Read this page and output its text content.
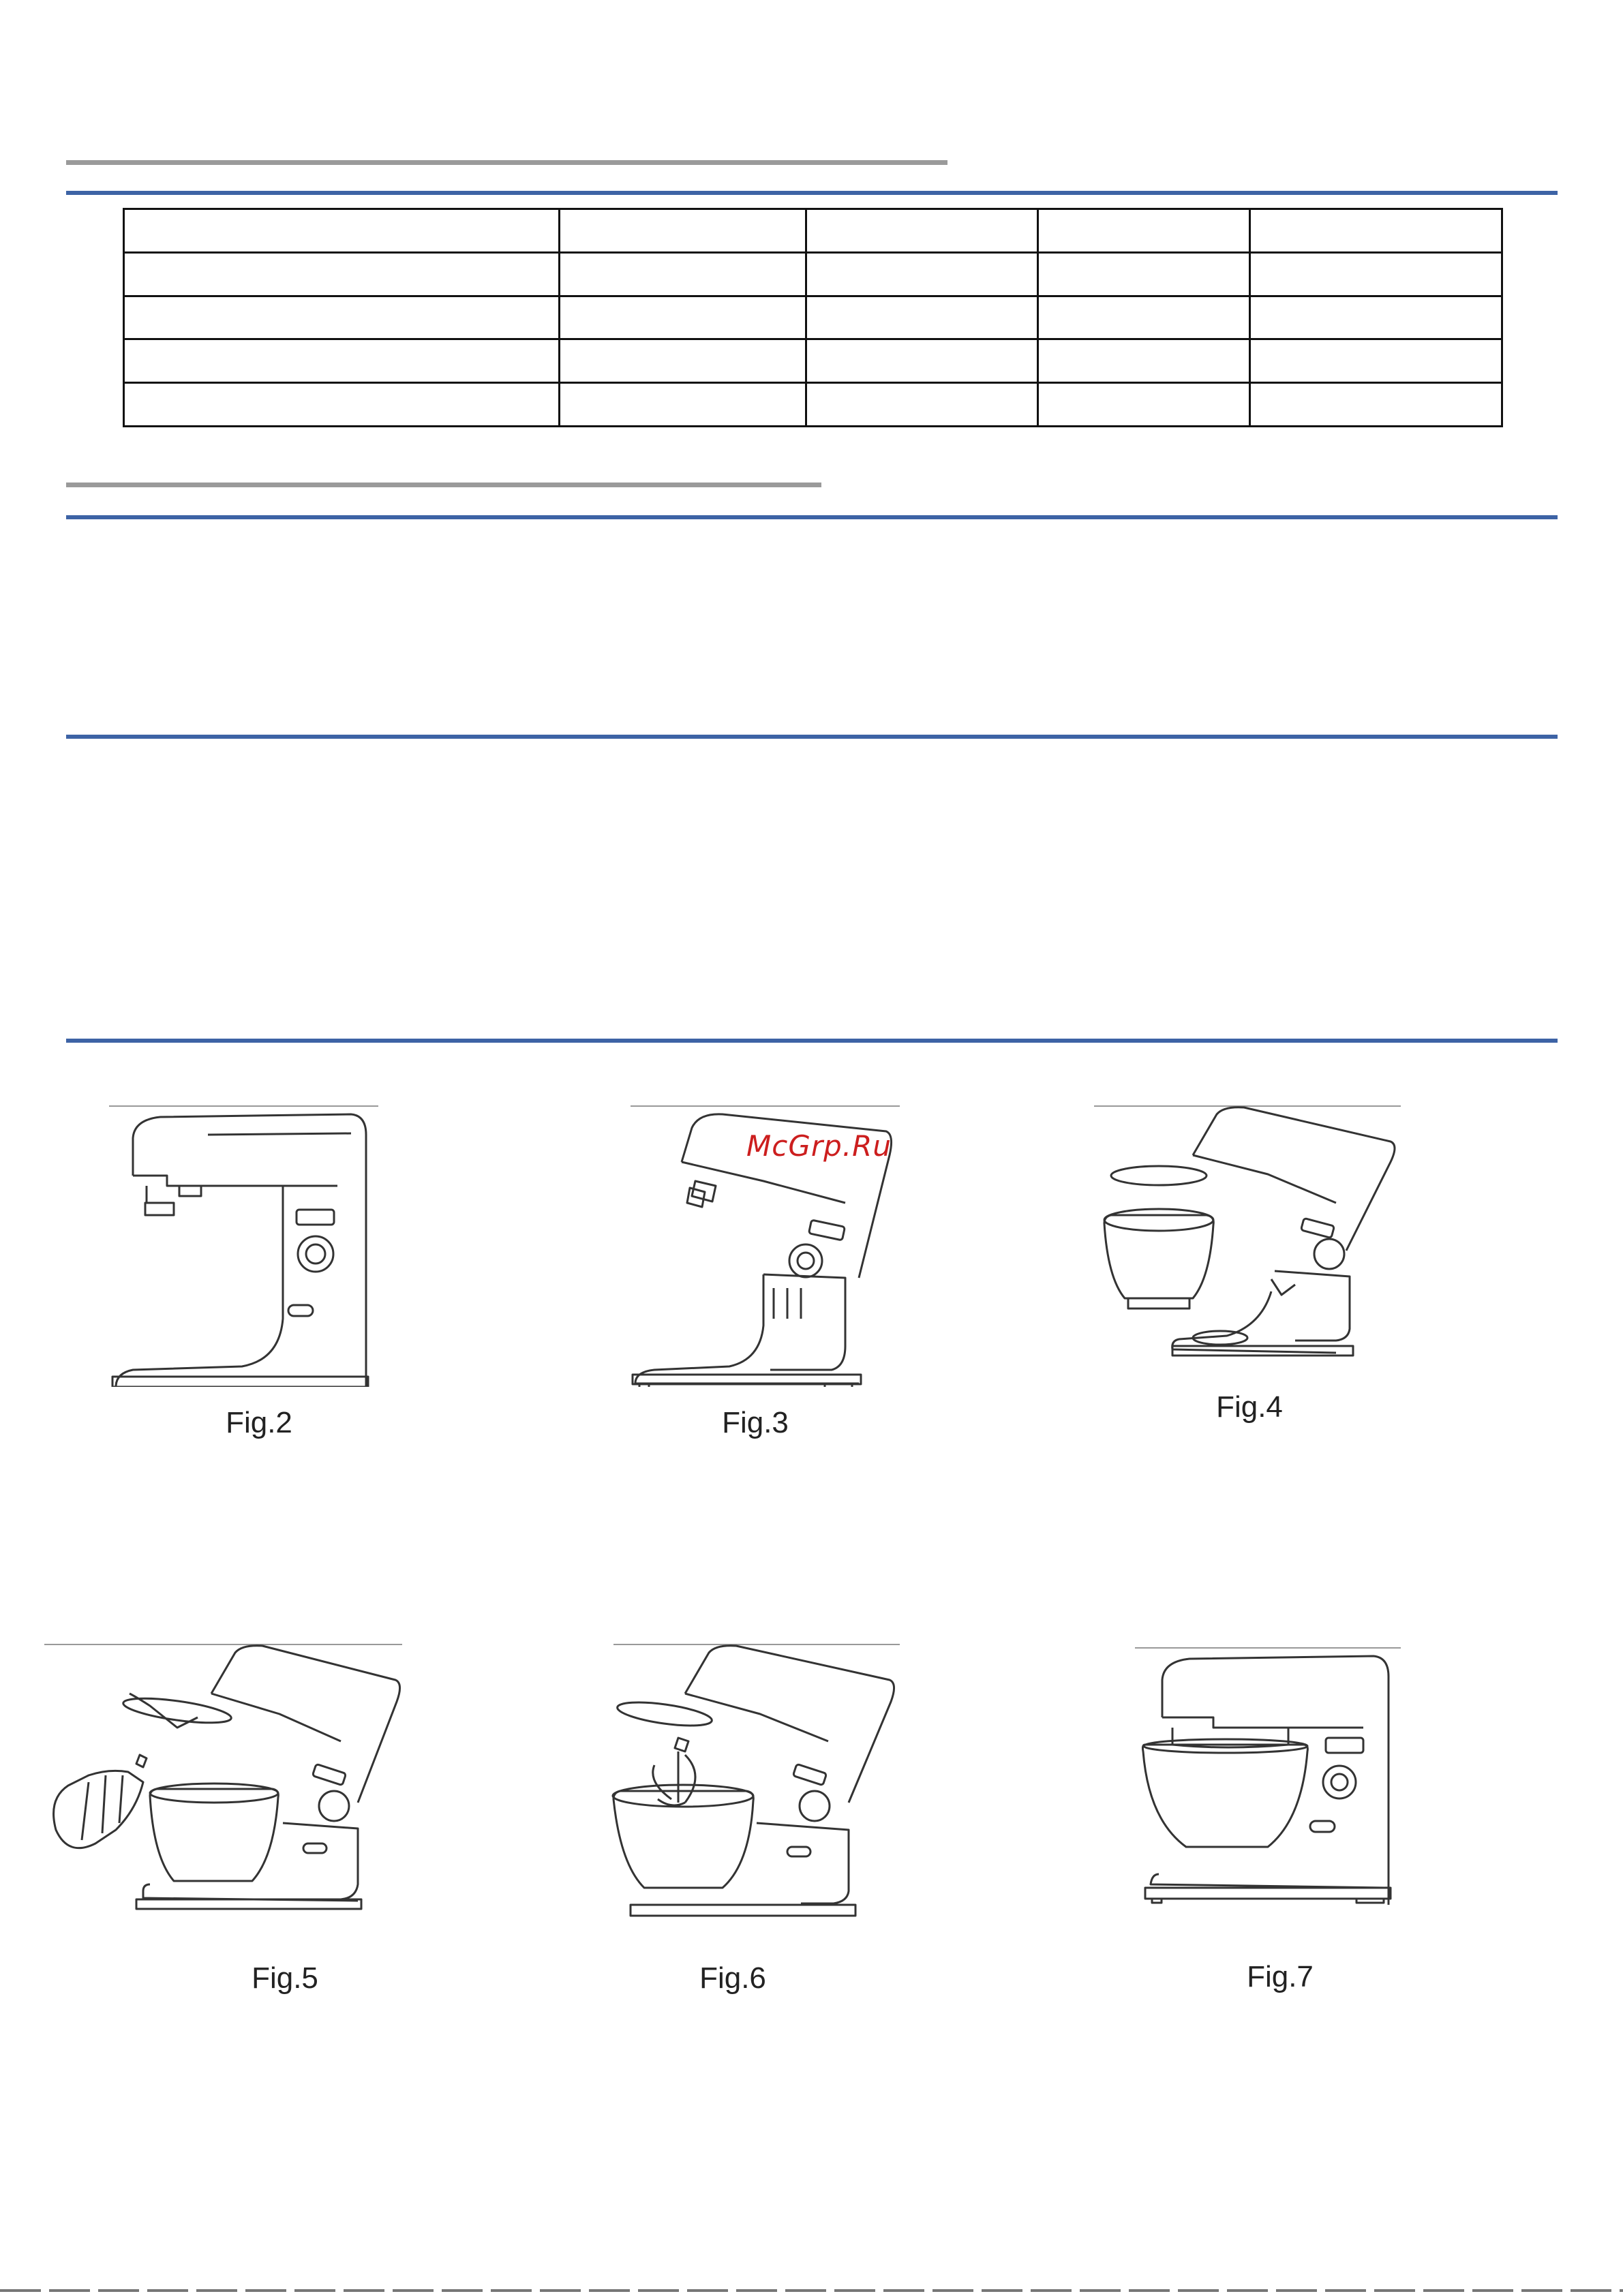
Fig.2
McGrp.Ru
Fig.3	Fig.4
Fig.5	Fig.6	Fig.7
